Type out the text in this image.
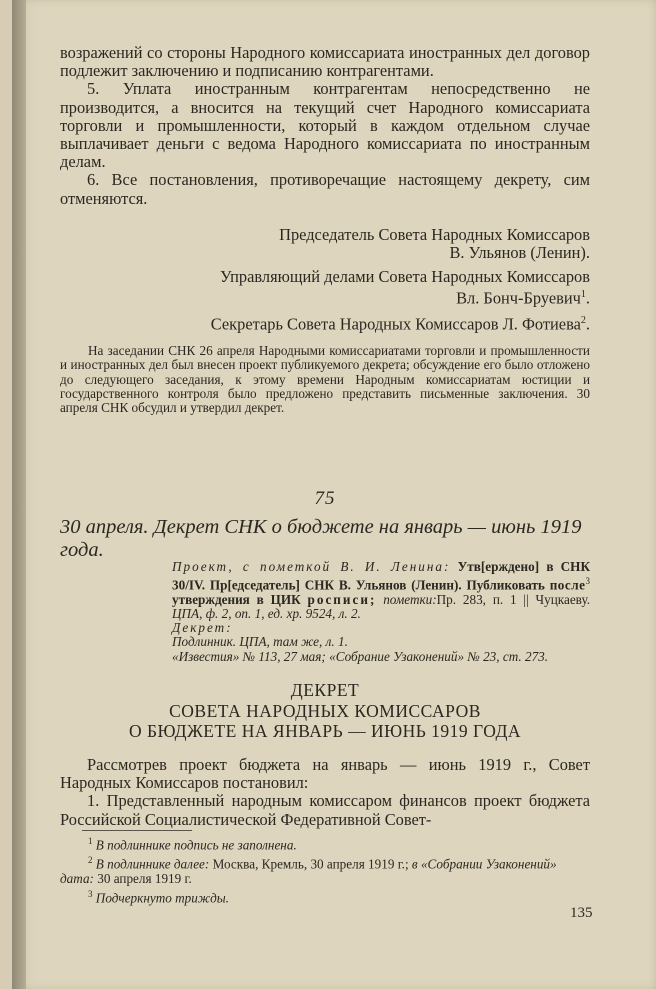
возражений со стороны Народного комиссариата иностранных дел договор подлежит заключению и подписанию контрагентами.

5. Уплата иностранным контрагентам непосредственно не производится, а вносится на текущий счет Народного комиссариата торговли и промышленности, который в каждом отдельном случае выплачивает деньги с ведома Народного комиссариата по иностранным делам.

6. Все постановления, противоречащие настоящему декрету, сим отменяются.

Председатель Совета Народных Комиссаров

В. Ульянов (Ленин).

Управляющий делами Совета Народных Комиссаров

Вл. Бонч-Бруевич$^1$.

Секретарь Совета Народных Комиссаров Л. Фотиева$^2$.

На заседании СНК 26 апреля Народными комиссариатами торговли и промышленности и иностранных дел был внесен проект публикуемого декрета; обсуждение его было отложено до следующего заседания, к этому времени Народным комиссариатам юстиции и государственного контроля было предложено представить письменные заключения. 30 апреля СНК обсудил и утвердил декрет.
75
30 апреля. Декрет СНК о бюджете на январь — июнь 1919 года.

Проект, с пометкой В. И. Ленина: Утв[ерждено] в СНК 30/IV. Пр[едседатель] СНК В. Ульянов (Ленин). Публиковать после$^3$ утверждения в ЦИК росписи; пометки:Пр. 283, п. 1 || Чуцкаеву. ЦПА, ф. 2, оп. 1, ед. хр. 9524, л. 2.

Декрет:

Подлинник. ЦПА, там же, л. 1.

«Известия» № 113, 27 мая; «Собрание Узаконений» № 23, ст. 273.

ДЕКРЕТ

СОВЕТА НАРОДНЫХ КОМИССАРОВ

О БЮДЖЕТЕ НА ЯНВАРЬ — ИЮНЬ 1919 ГОДА

Рассмотрев проект бюджета на январь — июнь 1919 г., Совет Народных Комиссаров постановил:

1. Представленный народным комиссаром финансов проект бюджета Российской Социалистической Федеративной Совет-

$^1$ В подлиннике подпись не заполнена.

$^2$ В подлиннике далее: Москва, Кремль, 30 апреля 1919 г.; в «Собрании Узаконений» дата: 30 апреля 1919 г.

$^3$ Подчеркнуто трижды.

135
